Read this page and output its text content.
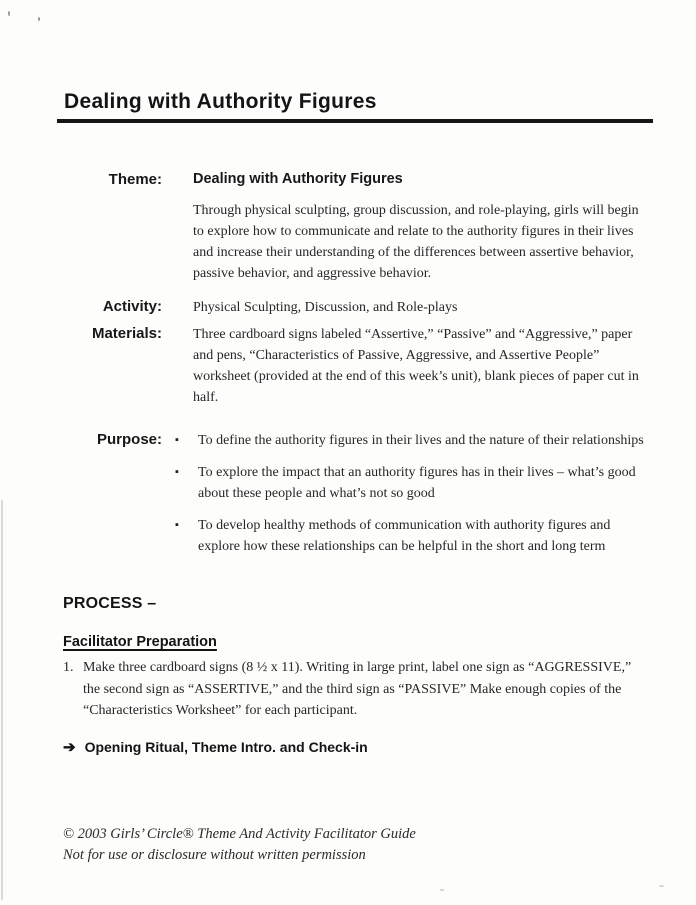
Dealing with Authority Figures
Theme: Dealing with Authority Figures
Through physical sculpting, group discussion, and role-playing, girls will begin to explore how to communicate and relate to the authority figures in their lives and increase their understanding of the differences between assertive behavior, passive behavior, and aggressive behavior.
Activity: Physical Sculpting, Discussion, and Role-plays
Materials: Three cardboard signs labeled “Assertive,” “Passive” and “Aggressive,” paper and pens, “Characteristics of Passive, Aggressive, and Assertive People” worksheet (provided at the end of this week’s unit), blank pieces of paper cut in half.
Purpose: ▪	To define the authority figures in their lives and the nature of their relationships
▪	To explore the impact that an authority figures has in their lives – what’s good about these people and what’s not so good
▪	To develop healthy methods of communication with authority figures and explore how these relationships can be helpful in the short and long term
PROCESS –
Facilitator Preparation
1. Make three cardboard signs (8 ½ x 11). Writing in large print, label one sign as “AGGRESSIVE,” the second sign as “ASSERTIVE,” and the third sign as “PASSIVE” Make enough copies of the “Characteristics Worksheet” for each participant.
➔ Opening Ritual, Theme Intro. and Check-in
© 2003 Girls’ Circle® Theme And Activity Facilitator Guide
Not for use or disclosure without written permission
